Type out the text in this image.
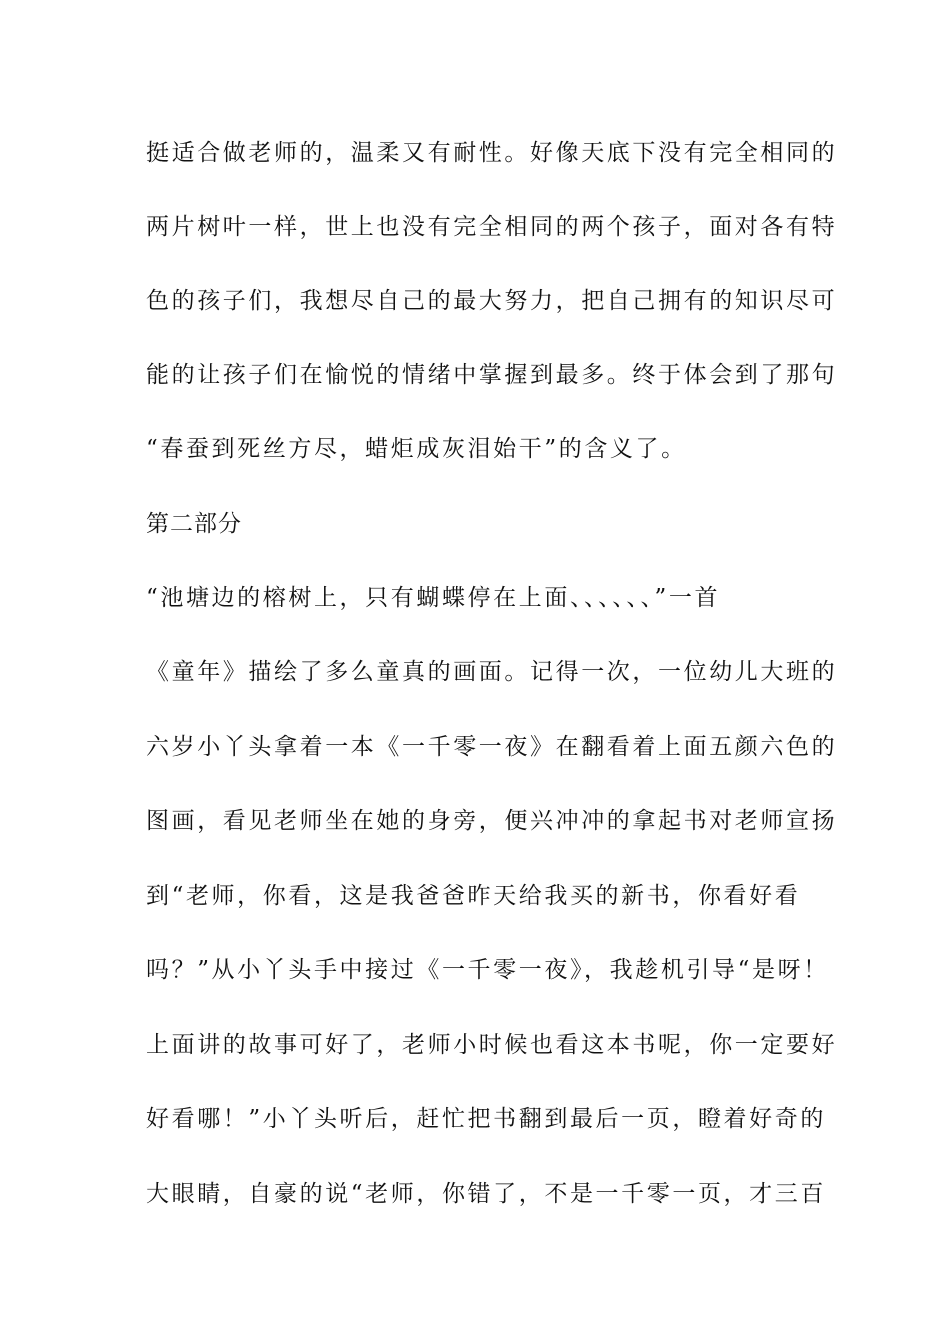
挺适合做老师的，温柔又有耐性。好像天底下没有完全相同的
两片树叶一样，世上也没有完全相同的两个孩子，面对各有特
色的孩子们，我想尽自己的最大努力，把自己拥有的知识尽可
能的让孩子们在愉悦的情绪中掌握到最多。终于体会到了那句
“春蚕到死丝方尽，蜡炬成灰泪始干”的含义了。
第二部分
“池塘边的榕树上，只有蝴蝶停在上面、、、、、、”一首
《童年》描绘了多么童真的画面。记得一次，一位幼儿大班的
六岁小丫头拿着一本《一千零一夜》在翻看着上面五颜六色的
图画，看见老师坐在她的身旁，便兴冲冲的拿起书对老师宣扬
到“老师，你看，这是我爸爸昨天给我买的新书，你看好看
吗？”从小丫头手中接过《一千零一夜》，我趁机引导“是呀！
上面讲的故事可好了，老师小时候也看这本书呢，你一定要好
好看哪！”小丫头听后，赶忙把书翻到最后一页，瞪着好奇的
大眼睛，自豪的说“老师，你错了，不是一千零一页，才三百
